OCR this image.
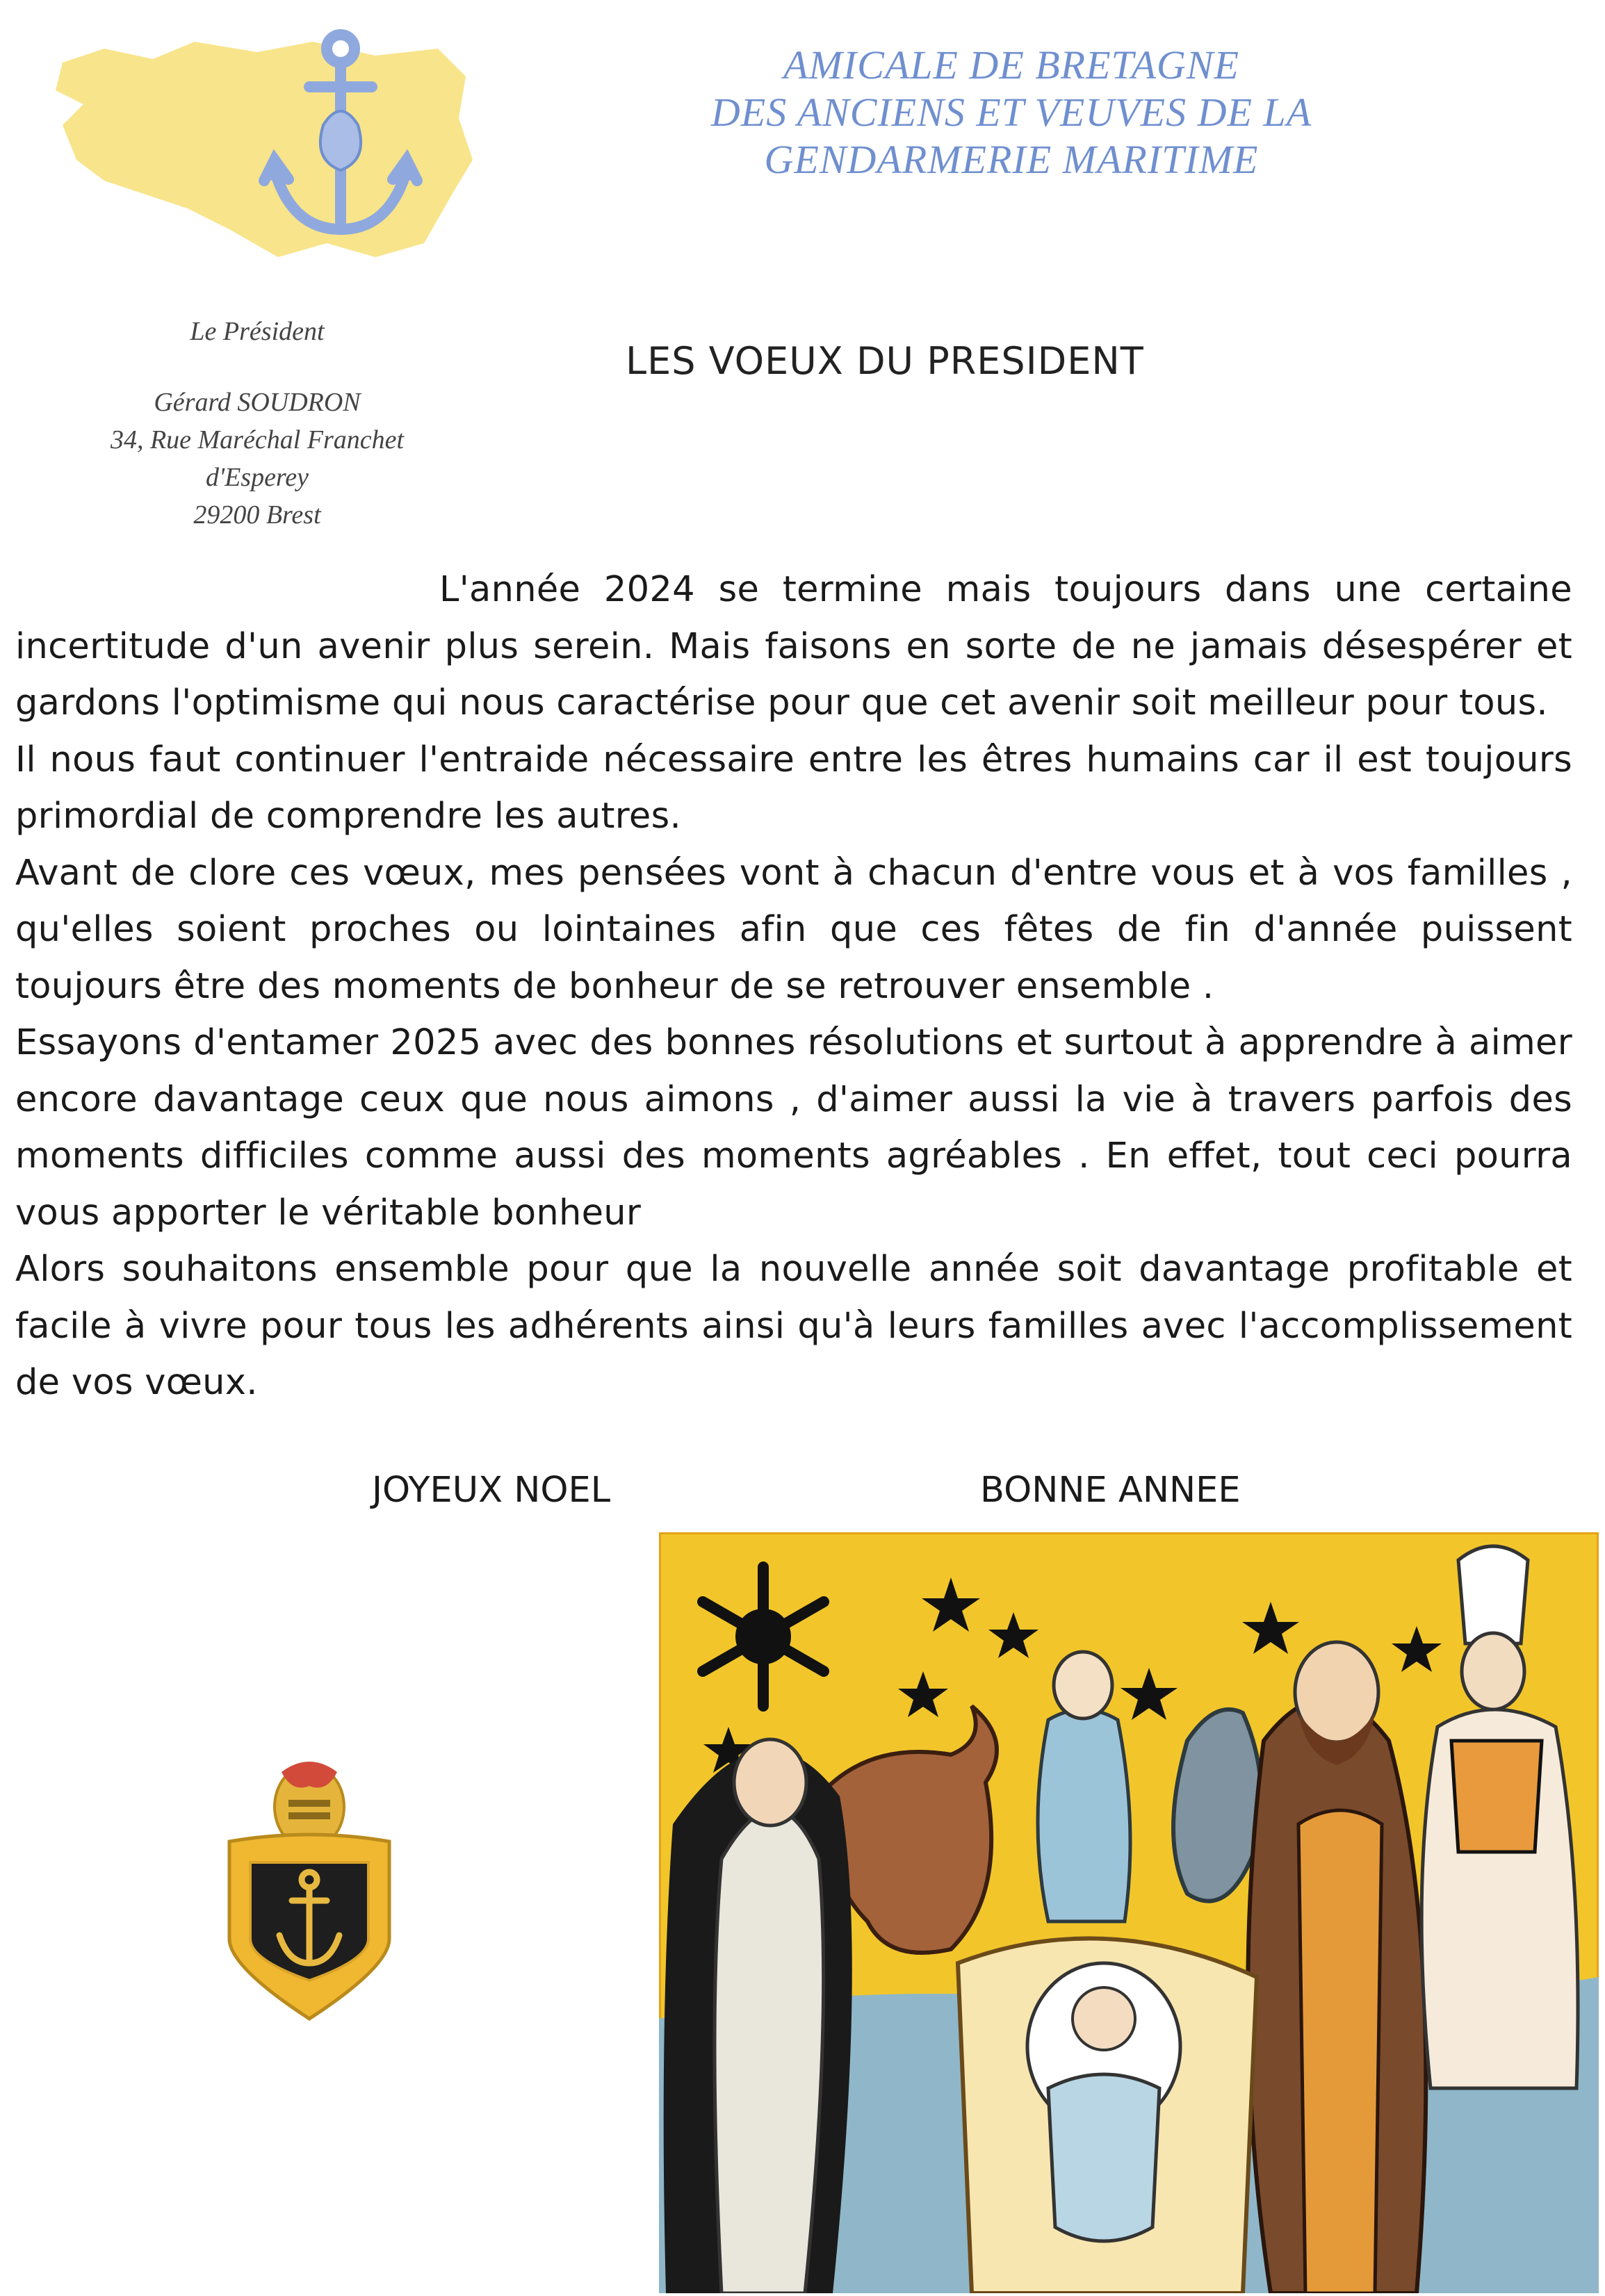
AMICALE DE BRETAGNE
DES ANCIENS ET VEUVES DE LA
GENDARMERIE MARITIME
Le Président
Gérard SOUDRON
34, Rue Maréchal Franchet
d'Esperey
29200 Brest
LES VOEUX DU PRESIDENT

L'année 2024 se termine mais toujours dans une certaine incertitude d'un avenir plus serein. Mais faisons en sorte de ne jamais désespérer et gardons l'optimisme qui nous caractérise pour que cet avenir soit meilleur pour tous.

Il nous faut continuer l'entraide nécessaire entre les êtres humains car il est toujours primordial de comprendre les autres.

Avant de clore ces vœux, mes pensées vont à chacun d'entre vous et à vos familles , qu'elles soient proches ou lointaines afin que ces fêtes de fin d'année puissent toujours être des moments de bonheur de se retrouver ensemble .

Essayons d'entamer 2025 avec des bonnes résolutions et surtout à apprendre à aimer encore davantage ceux que nous aimons , d'aimer aussi la vie à travers parfois des moments difficiles comme aussi des moments agréables . En effet, tout ceci pourra vous apporter le véritable bonheur

Alors souhaitons ensemble pour que la nouvelle année soit davantage profitable et facile à vivre pour tous les adhérents ainsi qu'à leurs familles avec l'accomplissement de vos vœux.

JOYEUX NOEL	BONNE ANNEE
